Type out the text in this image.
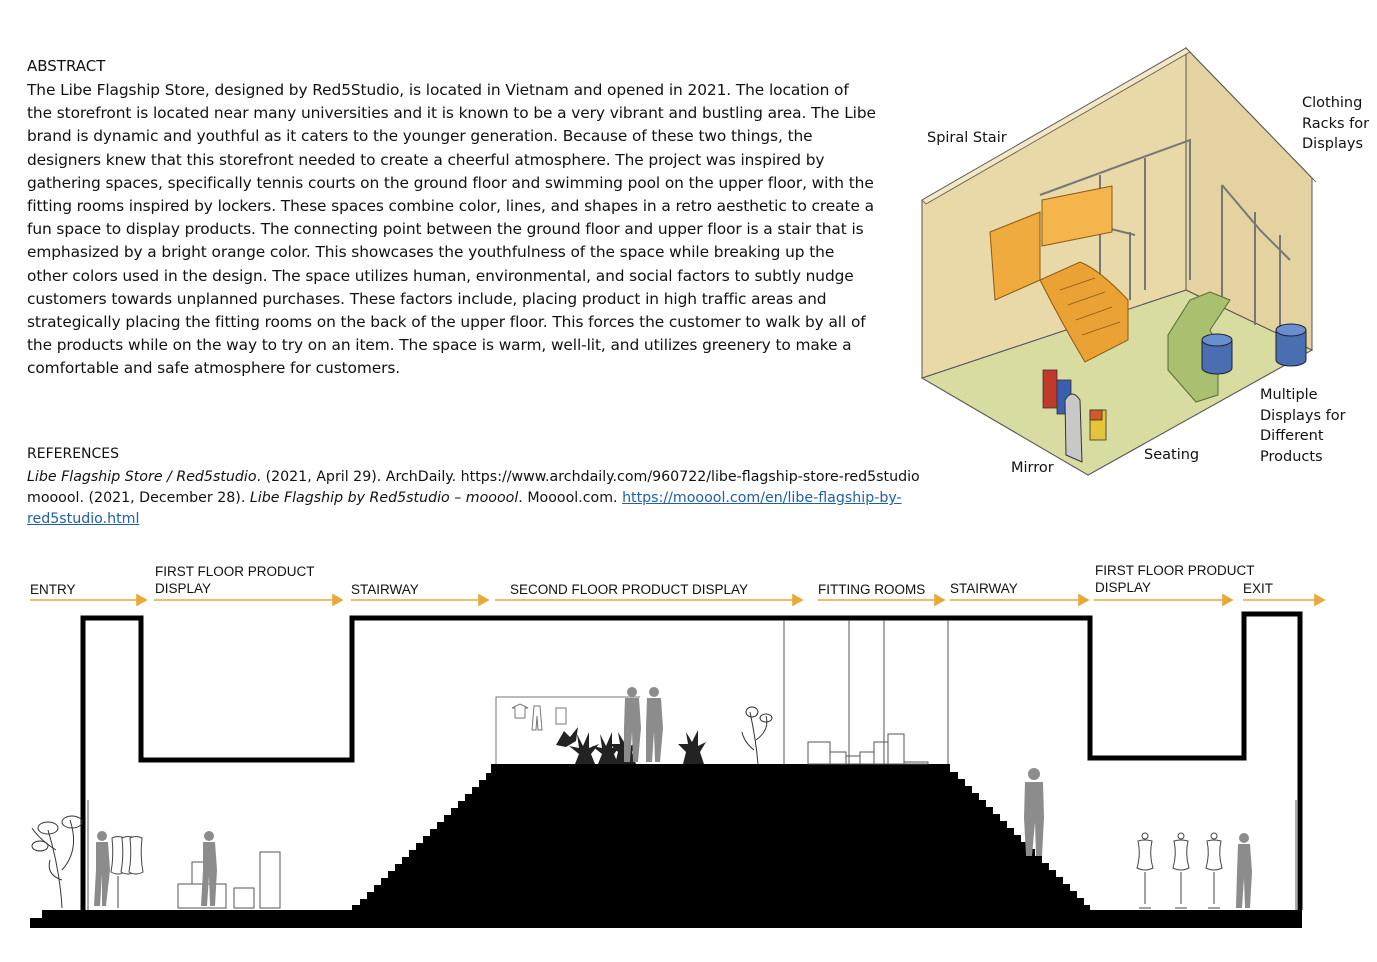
ABSTRACT
The Libe Flagship Store, designed by Red5Studio, is located in Vietnam and opened in 2021. The location of the storefront is located near many universities and it is known to be a very vibrant and bustling area. The Libe brand is dynamic and youthful as it caters to the younger generation. Because of these two things, the designers knew that this storefront needed to create a cheerful atmosphere. The project was inspired by gathering spaces, specifically tennis courts on the ground floor and swimming pool on the upper floor, with the fitting rooms inspired by lockers. These spaces combine color, lines, and shapes in a retro aesthetic to create a fun space to display products. The connecting point between the ground floor and upper floor is a stair that is emphasized by a bright orange color. This showcases the youthfulness of the space while breaking up the other colors used in the design. The space utilizes human, environmental, and social factors to subtly nudge customers towards unplanned purchases. These factors include, placing product in high traffic areas and strategically placing the fitting rooms on the back of the upper floor. This forces the customer to walk by all of the products while on the way to try on an item. The space is warm, well-lit, and utilizes greenery to make a comfortable and safe atmosphere for customers.
REFERENCES
Libe Flagship Store / Red5studio. (2021, April 29). ArchDaily. https://www.archdaily.com/960722/libe-flagship-store-red5studio
mooool. (2021, December 28). Libe Flagship by Red5studio – mooool. Mooool.com. https://mooool.com/en/libe-flagship-by-red5studio.html
Spiral Stair
Clothing Racks for Displays
Multiple Displays for Different Products
Seating
Mirror
ENTRY
FIRST FLOOR PRODUCT
DISPLAY	STAIRWAY	SECOND FLOOR PRODUCT DISPLAY	FITTING ROOMS STAIRWAY
FIRST FLOOR PRODUCT
DISPLAY	EXIT
